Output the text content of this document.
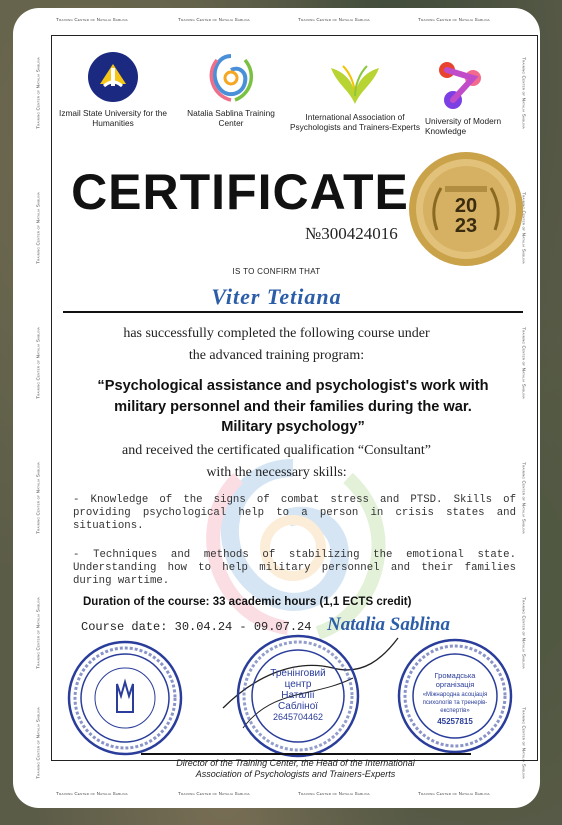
Training Center of Natalia Sablina	Training Center of Natalia Sablina	Training Center of Natalia Sablina	Training Center of Natalia Sablina
Training Center of Natalia Sablina	Training Center of Natalia Sablina	Training Center of Natalia Sablina	Training Center of Natalia Sablina
Training Center of Natalia Sablina
Training Center of Natalia Sablina
Training Center of Natalia Sablina
Training Center of Natalia Sablina
Training Center of Natalia Sablina
Training Center of Natalia Sablina
Training Center of Natalia Sablina
Training Center of Natalia Sablina
Training Center of Natalia Sablina
Training Center of Natalia Sablina
Training Center of Natalia Sablina
Training Center of Natalia Sablina
Izmail State University for the Humanities
Natalia Sablina Training Center
International Association of Psychologists and Trainers-Experts
University of Modern Knowledge
CERTIFICATE
№300424016
20
23
IS TO CONFIRM THAT
Viter Tetiana
has successfully completed the following course under
the advanced training program:
“Psychological assistance and psychologist's work with
military personnel and their families during the war.
Military psychology”
and received the certificated qualification “Consultant”
with the necessary skills:
- Knowledge of the signs of combat stress and PTSD. Skills of providing psychological help to a person in crisis states and situations.
- Techniques and methods of stabilizing the emotional state. Understanding how to help military personnel and their families during wartime.
Duration of the course: 33 academic hours (1,1 ECTS credit)
Course date: 30.04.24 - 09.07.24 Natalia Sablina
Тренінговий
центр
Наталії
Сабліної
2645704462
Громадська
організація
«Міжнародна асоціація
психологів та тренерів-
експертів»
45257815
Director of the Training Center, the Head of the International
Association of Psychologists and Trainers-Experts
